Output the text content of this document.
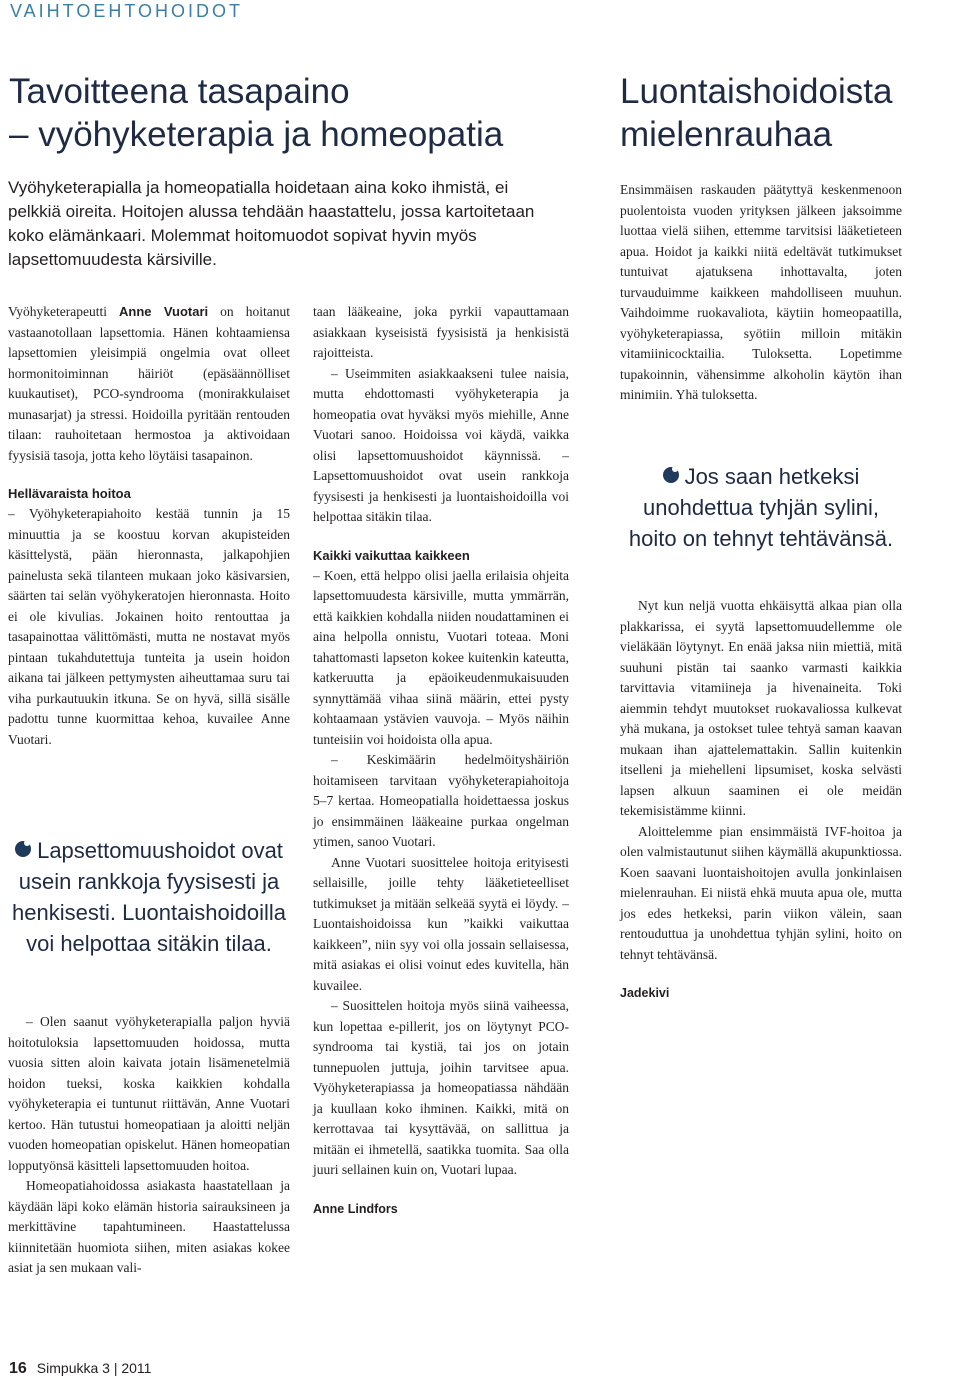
VAIHTOEHTOHOIDOT
Tavoitteena tasapaino
– vyöhyketerapia ja homeopatia
Vyöhyketerapialla ja homeopatialla hoidetaan aina koko ihmistä, ei pelkkiä oireita. Hoitojen alussa tehdään haastattelu, jossa kartoitetaan koko elämänkaari. Molemmat hoitomuodot sopivat hyvin myös lapsettomuudesta kärsiville.

Vyöhyketerapeutti Anne Vuotari on hoitanut vastaanotollaan lapsettomia. Hänen kohtaamiensa lapsettomien yleisimpiä ongelmia ovat olleet hormonitoiminnan häiriöt (epäsäännölliset kuukautiset), PCO-syndrooma (monirakkulaiset munasarjat) ja stressi. Hoidoilla pyritään rentouden tilaan: rauhoitetaan hermostoa ja aktivoidaan fyysisiä tasoja, jotta keho löytäisi tasapainon.

Hellävaraista hoitoa

– Vyöhyketerapiahoito kestää tunnin ja 15 minuuttia ja se koostuu korvan akupisteiden käsittelystä, pään hieronnasta, jalkapohjien painelusta sekä tilanteen mukaan joko käsivarsien, säärten tai selän vyöhykeratojen hieronnasta. Hoito ei ole kivulias. Jokainen hoito rentouttaa ja tasapainottaa välittömästi, mutta ne nostavat myös pintaan tukahdutettuja tunteita ja usein hoidon aikana tai jälkeen pettymysten aiheuttamaa suru tai viha purkautuukin itkuna. Se on hyvä, sillä sisälle padottu tunne kuormittaa kehoa, kuvailee Anne Vuotari.

Lapsettomuushoidot ovat usein rankkoja fyysisesti ja henkisesti. Luontaishoidoilla voi helpottaa sitäkin tilaa.

– Olen saanut vyöhyketerapialla paljon hyviä hoitotuloksia lapsettomuuden hoidossa, mutta vuosia sitten aloin kaivata jotain lisämenetelmiä hoidon tueksi, koska kaikkien kohdalla vyöhyketerapia ei tuntunut riittävän, Anne Vuotari kertoo. Hän tutustui homeopatiaan ja aloitti neljän vuoden homeopatian opiskelut. Hänen homeopatian lopputyönsä käsitteli lapsettomuuden hoitoa.

Homeopatiahoidossa asiakasta haastatellaan ja käydään läpi koko elämän historia sairauksineen ja merkittävine tapahtumineen. Haastattelussa kiinnitetään huomiota siihen, miten asiakas kokee asiat ja sen mukaan vali-

taan lääkeaine, joka pyrkii vapauttamaan asiakkaan kyseisistä fyysisistä ja henkisistä rajoitteista.

– Useimmiten asiakkaakseni tulee naisia, mutta ehdottomasti vyöhyketerapia ja homeopatia ovat hyväksi myös miehille, Anne Vuotari sanoo. Hoidoissa voi käydä, vaikka olisi lapsettomuushoidot käynnissä. – Lapsettomuushoidot ovat usein rankkoja fyysisesti ja henkisesti ja luontaishoidoilla voi helpottaa sitäkin tilaa.

Kaikki vaikuttaa kaikkeen

– Koen, että helppo olisi jaella erilaisia ohjeita lapsettomuudesta kärsiville, mutta ymmärrän, että kaikkien kohdalla niiden noudattaminen ei aina helpolla onnistu, Vuotari toteaa. Moni tahattomasti lapseton kokee kuitenkin kateutta, katkeruutta ja epäoikeudenmukaisuuden synnyttämää vihaa siinä määrin, ettei pysty kohtaamaan ystävien vauvoja. – Myös näihin tunteisiin voi hoidoista olla apua.

– Keskimäärin hedelmöityshäiriön hoitamiseen tarvitaan vyöhyketerapiahoitoja 5–7 kertaa. Homeopatialla hoidettaessa joskus jo ensimmäinen lääkeaine purkaa ongelman ytimen, sanoo Vuotari.

Anne Vuotari suosittelee hoitoja erityisesti sellaisille, joille tehty lääketieteelliset tutkimukset ja mitään selkeää syytä ei löydy. – Luontaishoidoissa kun ”kaikki vaikuttaa kaikkeen”, niin syy voi olla jossain sellaisessa, mitä asiakas ei olisi voinut edes kuvitella, hän kuvailee.

– Suosittelen hoitoja myös siinä vaiheessa, kun lopettaa e-pillerit, jos on löytynyt PCO-syndrooma tai kystiä, tai jos on jotain tunnepuolen juttuja, joihin tarvitsee apua. Vyöhyketerapiassa ja homeopatiassa nähdään ja kuullaan koko ihminen. Kaikki, mitä on kerrottavaa tai kysyttävää, on sallittua ja mitään ei ihmetellä, saatikka tuomita. Saa olla juuri sellainen kuin on, Vuotari lupaa.

Anne Lindfors

Luontaishoidoista
mielenrauhaa

Ensimmäisen raskauden päätyttyä keskenmenoon puolentoista vuoden yrityksen jälkeen jaksoimme luottaa vielä siihen, ettemme tarvitsisi lääketieteen apua. Hoidot ja kaikki niitä edeltävät tutkimukset tuntuivat ajatuksena inhottavalta, joten turvauduimme kaikkeen mahdolliseen muuhun. Vaihdoimme ruokavaliota, käytiin homeopaatilla, vyöhyketerapiassa, syötiin milloin mitäkin vitamiinicocktailia. Tuloksetta. Lopetimme tupakoinnin, vähensimme alkoholin käytön ihan minimiin. Yhä tuloksetta.

Jos saan hetkeksi unohdettua tyhjän sylini, hoito on tehnyt tehtävänsä.

Nyt kun neljä vuotta ehkäisyttä alkaa pian olla plakkarissa, ei syytä lapsettomuudellemme ole vieläkään löytynyt. En enää jaksa niin miettiä, mitä suuhuni pistän tai saanko varmasti kaikkia tarvittavia vitamiineja ja hivenaineita. Toki aiemmin tehdyt muutokset ruokavaliossa kulkevat yhä mukana, ja ostokset tulee tehtyä saman kaavan mukaan ihan ajattelemattakin. Sallin kuitenkin itselleni ja miehelleni lipsumiset, koska selvästi lapsen alkuun saaminen ei ole meidän tekemisistämme kiinni.

Aloittelemme pian ensimmäistä IVF-hoitoa ja olen valmistautunut siihen käymällä akupunktiossa. Koen saavani luontaishoitojen avulla jonkinlaisen mielenrauhan. Ei niistä ehkä muuta apua ole, mutta jos edes hetkeksi, parin viikon välein, saan rentouduttua ja unohdettua tyhjän sylini, hoito on tehnyt tehtävänsä.

Jadekivi

16 Simpukka 3 | 2011
